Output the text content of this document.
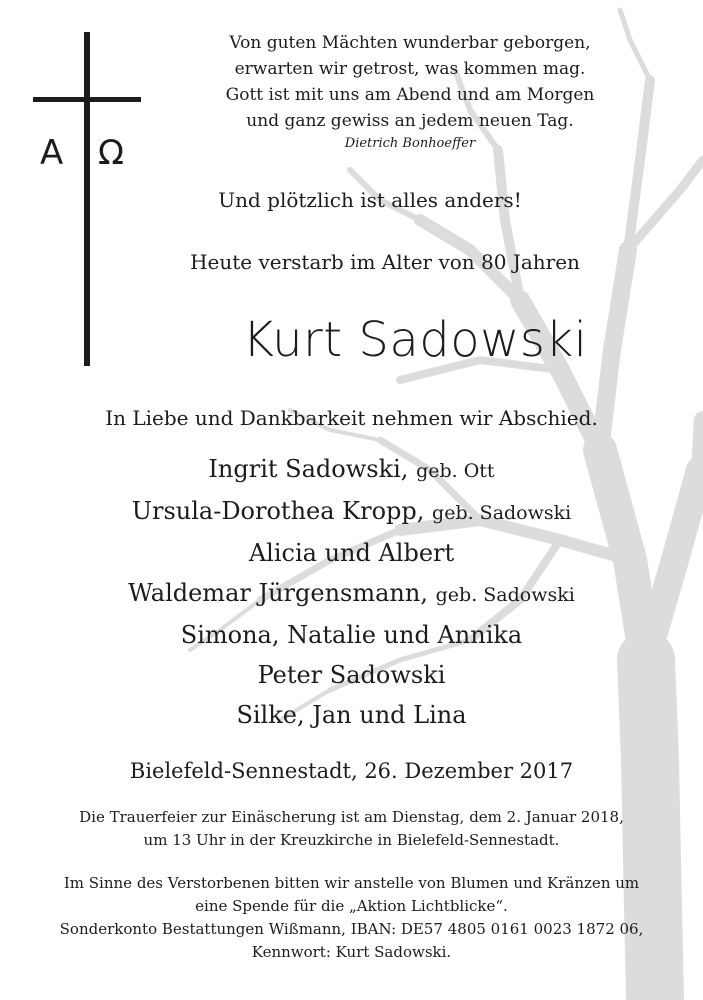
A Ω
Von guten Mächten wunderbar geborgen,
erwarten wir getrost, was kommen mag.
Gott ist mit uns am Abend und am Morgen
und ganz gewiss an jedem neuen Tag.
Dietrich Bonhoeffer
Und plötzlich ist alles anders!
Heute verstarb im Alter von 80 Jahren
Kurt Sadowski
In Liebe und Dankbarkeit nehmen wir Abschied.
Ingrit Sadowski, geb. Ott
Ursula-Dorothea Kropp, geb. Sadowski
Alicia und Albert
Waldemar Jürgensmann, geb. Sadowski
Simona, Natalie und Annika
Peter Sadowski
Silke, Jan und Lina
Bielefeld-Sennestadt, 26. Dezember 2017
Die Trauerfeier zur Einäscherung ist am Dienstag, dem 2. Januar 2018,
um 13 Uhr in der Kreuzkirche in Bielefeld-Sennestadt.
Im Sinne des Verstorbenen bitten wir anstelle von Blumen und Kränzen um
eine Spende für die „Aktion Lichtblicke“.
Sonderkonto Bestattungen Wißmann, IBAN: DE57 4805 0161 0023 1872 06,
Kennwort: Kurt Sadowski.
